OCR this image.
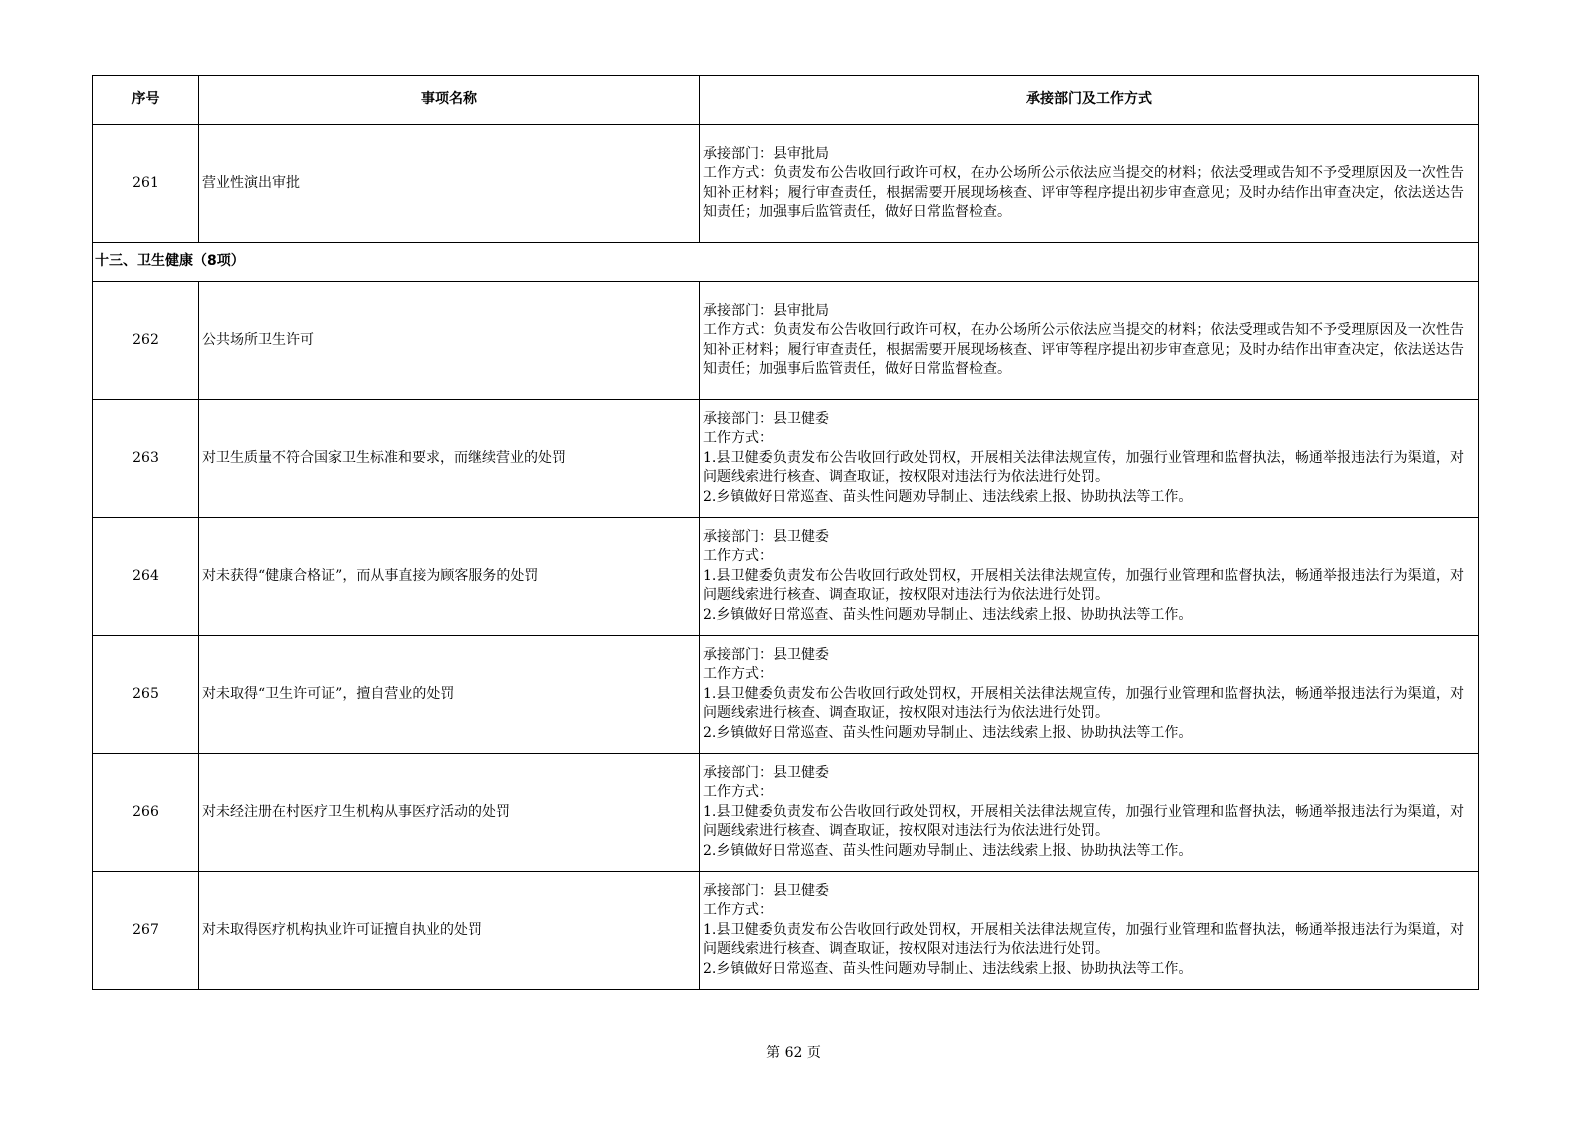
序号	事项名称	承接部门及工作方式
261	营业性演出审批	承接部门：县审批局
工作方式：负责发布公告收回行政许可权，在办公场所公示依法应当提交的材料；依法受理或告知不予受理原因及一次性告知补正材料；履行审查责任，根据需要开展现场核查、评审等程序提出初步审查意见；及时办结作出审查决定，依法送达告知责任；加强事后监管责任，做好日常监督检查。

十三、卫生健康（8项）		
262	公共场所卫生许可	承接部门：县审批局
工作方式：负责发布公告收回行政许可权，在办公场所公示依法应当提交的材料；依法受理或告知不予受理原因及一次性告知补正材料；履行审查责任，根据需要开展现场核查、评审等程序提出初步审查意见；及时办结作出审查决定，依法送达告知责任；加强事后监管责任，做好日常监督检查。

263	对卫生质量不符合国家卫生标准和要求，而继续营业的处罚	承接部门：县卫健委
工作方式：
1.县卫健委负责发布公告收回行政处罚权，开展相关法律法规宣传，加强行业管理和监督执法，畅通举报违法行为渠道，对问题线索进行核查、调查取证，按权限对违法行为依法进行处罚。
2.乡镇做好日常巡查、苗头性问题劝导制止、违法线索上报、协助执法等工作。

264	对未获得“健康合格证”，而从事直接为顾客服务的处罚	承接部门：县卫健委
工作方式：
1.县卫健委负责发布公告收回行政处罚权，开展相关法律法规宣传，加强行业管理和监督执法，畅通举报违法行为渠道，对问题线索进行核查、调查取证，按权限对违法行为依法进行处罚。
2.乡镇做好日常巡查、苗头性问题劝导制止、违法线索上报、协助执法等工作。

265	对未取得“卫生许可证”，擅自营业的处罚	承接部门：县卫健委
工作方式：
1.县卫健委负责发布公告收回行政处罚权，开展相关法律法规宣传，加强行业管理和监督执法，畅通举报违法行为渠道，对问题线索进行核查、调查取证，按权限对违法行为依法进行处罚。
2.乡镇做好日常巡查、苗头性问题劝导制止、违法线索上报、协助执法等工作。

266	对未经注册在村医疗卫生机构从事医疗活动的处罚	承接部门：县卫健委
工作方式：
1.县卫健委负责发布公告收回行政处罚权，开展相关法律法规宣传，加强行业管理和监督执法，畅通举报违法行为渠道，对问题线索进行核查、调查取证，按权限对违法行为依法进行处罚。
2.乡镇做好日常巡查、苗头性问题劝导制止、违法线索上报、协助执法等工作。

267	对未取得医疗机构执业许可证擅自执业的处罚	承接部门：县卫健委
工作方式：
1.县卫健委负责发布公告收回行政处罚权，开展相关法律法规宣传，加强行业管理和监督执法，畅通举报违法行为渠道，对问题线索进行核查、调查取证，按权限对违法行为依法进行处罚。
2.乡镇做好日常巡查、苗头性问题劝导制止、违法线索上报、协助执法等工作。
第 62 页
